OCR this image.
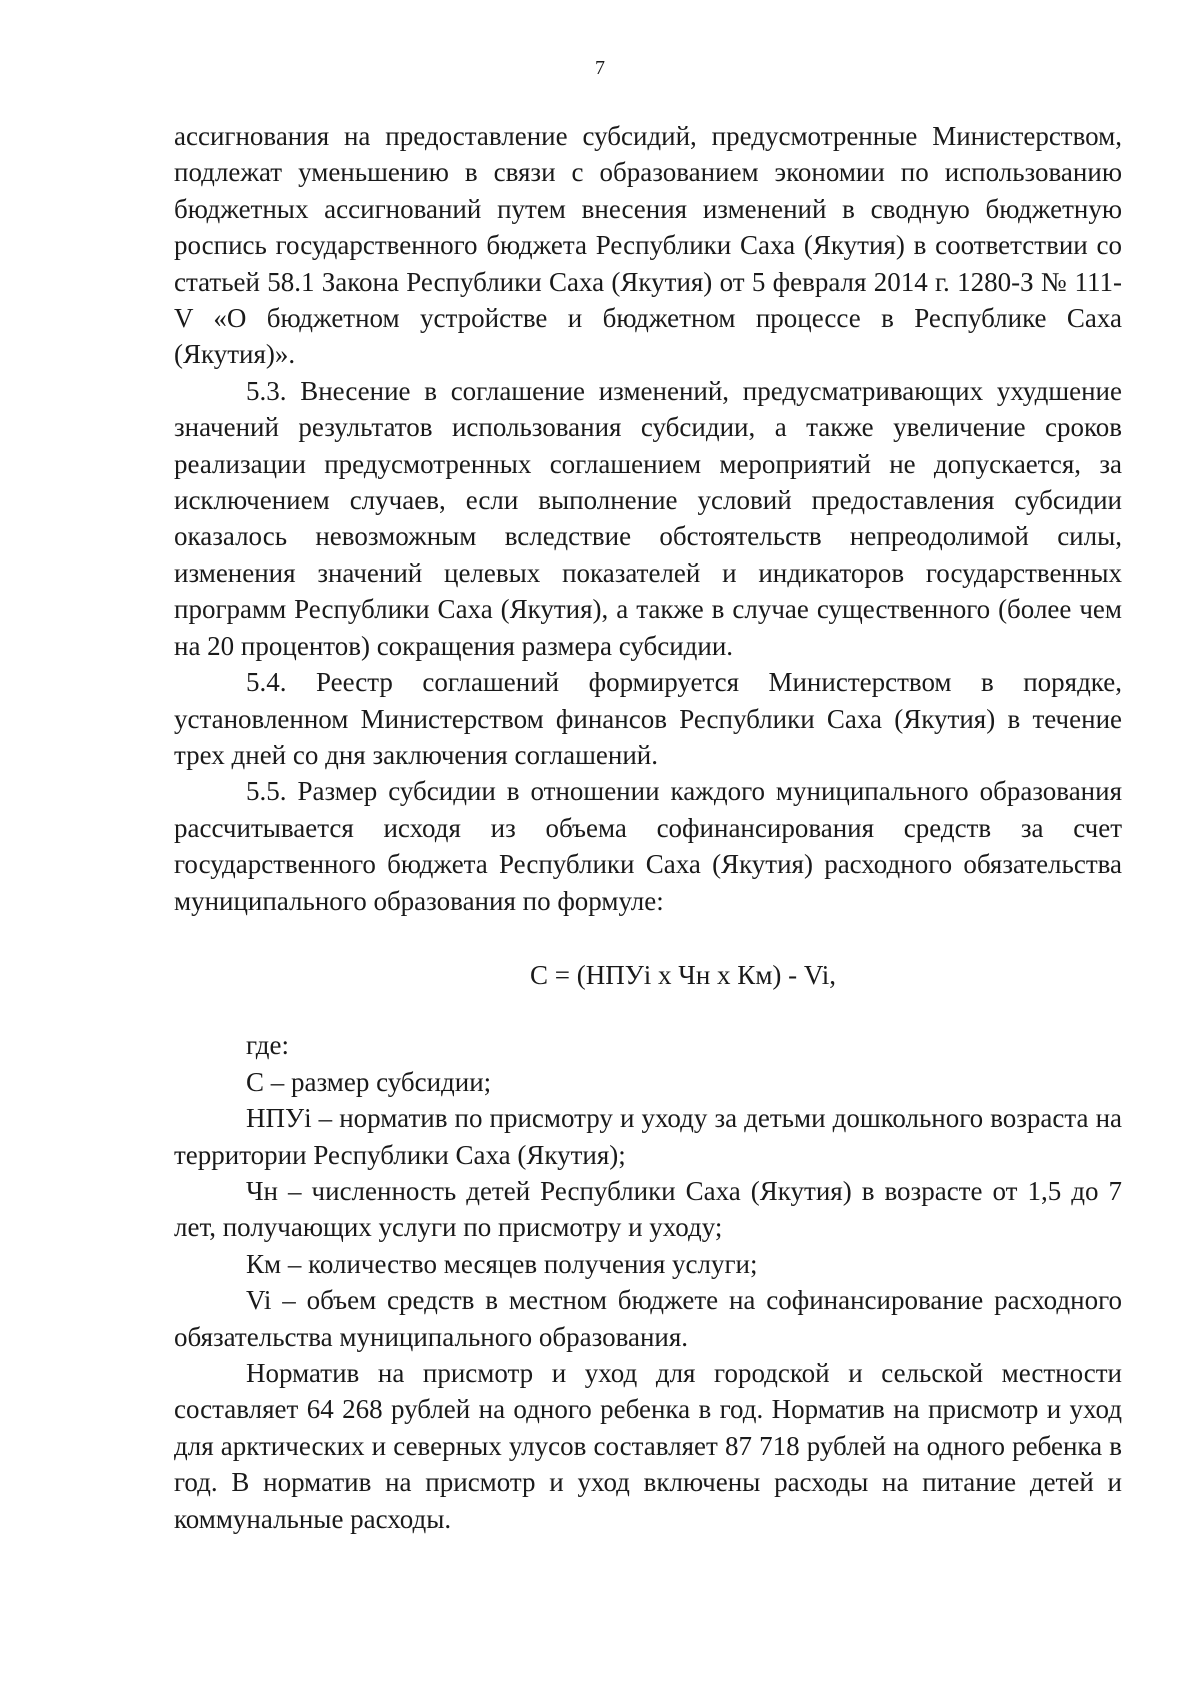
7

ассигнования на предоставление субсидий, предусмотренные Министерством, подлежат уменьшению в связи с образованием экономии по использованию бюджетных ассигнований путем внесения изменений в сводную бюджетную роспись государственного бюджета Республики Саха (Якутия) в соответствии со статьей 58.1 Закона Республики Саха (Якутия) от 5 февраля 2014 г. 1280-З № 111-V «О бюджетном устройстве и бюджетном процессе в Республике Саха (Якутия)».

5.3. Внесение в соглашение изменений, предусматривающих ухудшение значений результатов использования субсидии, а также увеличение сроков реализации предусмотренных соглашением мероприятий не допускается, за исключением случаев, если выполнение условий предоставления субсидии оказалось невозможным вследствие обстоятельств непреодолимой силы, изменения значений целевых показателей и индикаторов государственных программ Республики Саха (Якутия), а также в случае существенного (более чем на 20 процентов) сокращения размера субсидии.

5.4. Реестр соглашений формируется Министерством в порядке, установленном Министерством финансов Республики Саха (Якутия) в течение трех дней со дня заключения соглашений.

5.5. Размер субсидии в отношении каждого муниципального образования рассчитывается исходя из объема софинансирования средств за счет государственного бюджета Республики Саха (Якутия) расходного обязательства муниципального образования по формуле:

С = (НПУi х Чн х Км) - Vi,

где:

С – размер субсидии;

НПУi – норматив по присмотру и уходу за детьми дошкольного возраста на территории Республики Саха (Якутия);

Чн – численность детей Республики Саха (Якутия) в возрасте от 1,5 до 7 лет, получающих услуги по присмотру и уходу;

Км – количество месяцев получения услуги;

Vi – объем средств в местном бюджете на софинансирование расходного обязательства муниципального образования.

Норматив на присмотр и уход для городской и сельской местности составляет 64 268 рублей на одного ребенка в год. Норматив на присмотр и уход для арктических и северных улусов составляет 87 718 рублей на одного ребенка в год. В норматив на присмотр и уход включены расходы на питание детей и коммунальные расходы.
